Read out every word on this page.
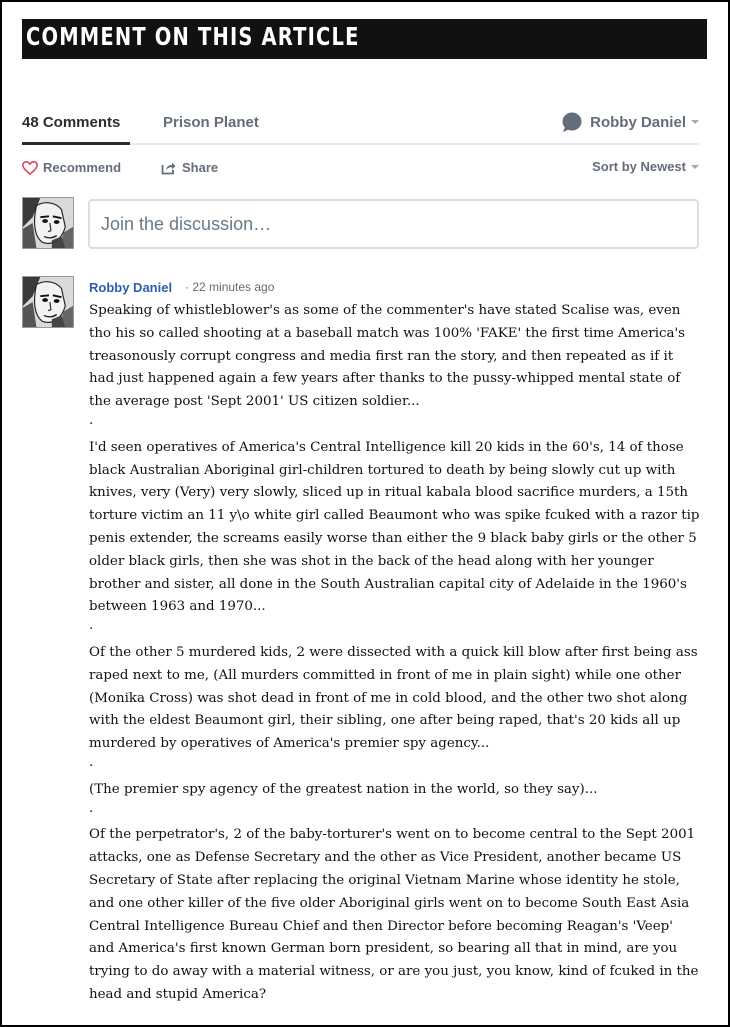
COMMENT ON THIS ARTICLE
48 Comments	Prison Planet	Robby Daniel
Recommend	Share	Sort by Newest
Join the discussion…
Robby Daniel · 22 minutes ago

Speaking of whistleblower's as some of the commenter's have stated Scalise was, even tho his so called shooting at a baseball match was 100% 'FAKE' the first time America's treasonously corrupt congress and media first ran the story, and then repeated as if it had just happened again a few years after thanks to the pussy-whipped mental state of the average post 'Sept 2001' US citizen soldier...

.

I'd seen operatives of America's Central Intelligence kill 20 kids in the 60's, 14 of those black Australian Aboriginal girl-children tortured to death by being slowly cut up with knives, very (Very) very slowly, sliced up in ritual kabala blood sacrifice murders, a 15th torture victim an 11 y\o white girl called Beaumont who was spike fcuked with a razor tip penis extender, the screams easily worse than either the 9 black baby girls or the other 5 older black girls, then she was shot in the back of the head along with her younger brother and sister, all done in the South Australian capital city of Adelaide in the 1960's between 1963 and 1970...

.

Of the other 5 murdered kids, 2 were dissected with a quick kill blow after first being ass raped next to me, (All murders committed in front of me in plain sight) while one other (Monika Cross) was shot dead in front of me in cold blood, and the other two shot along with the eldest Beaumont girl, their sibling, one after being raped, that's 20 kids all up murdered by operatives of America's premier spy agency...

.

(The premier spy agency of the greatest nation in the world, so they say)...

.

Of the perpetrator's, 2 of the baby-torturer's went on to become central to the Sept 2001 attacks, one as Defense Secretary and the other as Vice President, another became US Secretary of State after replacing the original Vietnam Marine whose identity he stole, and one other killer of the five older Aboriginal girls went on to become South East Asia Central Intelligence Bureau Chief and then Director before becoming Reagan's 'Veep' and America's first known German born president, so bearing all that in mind, are you trying to do away with a material witness, or are you just, you know, kind of fcuked in the head and stupid America?
